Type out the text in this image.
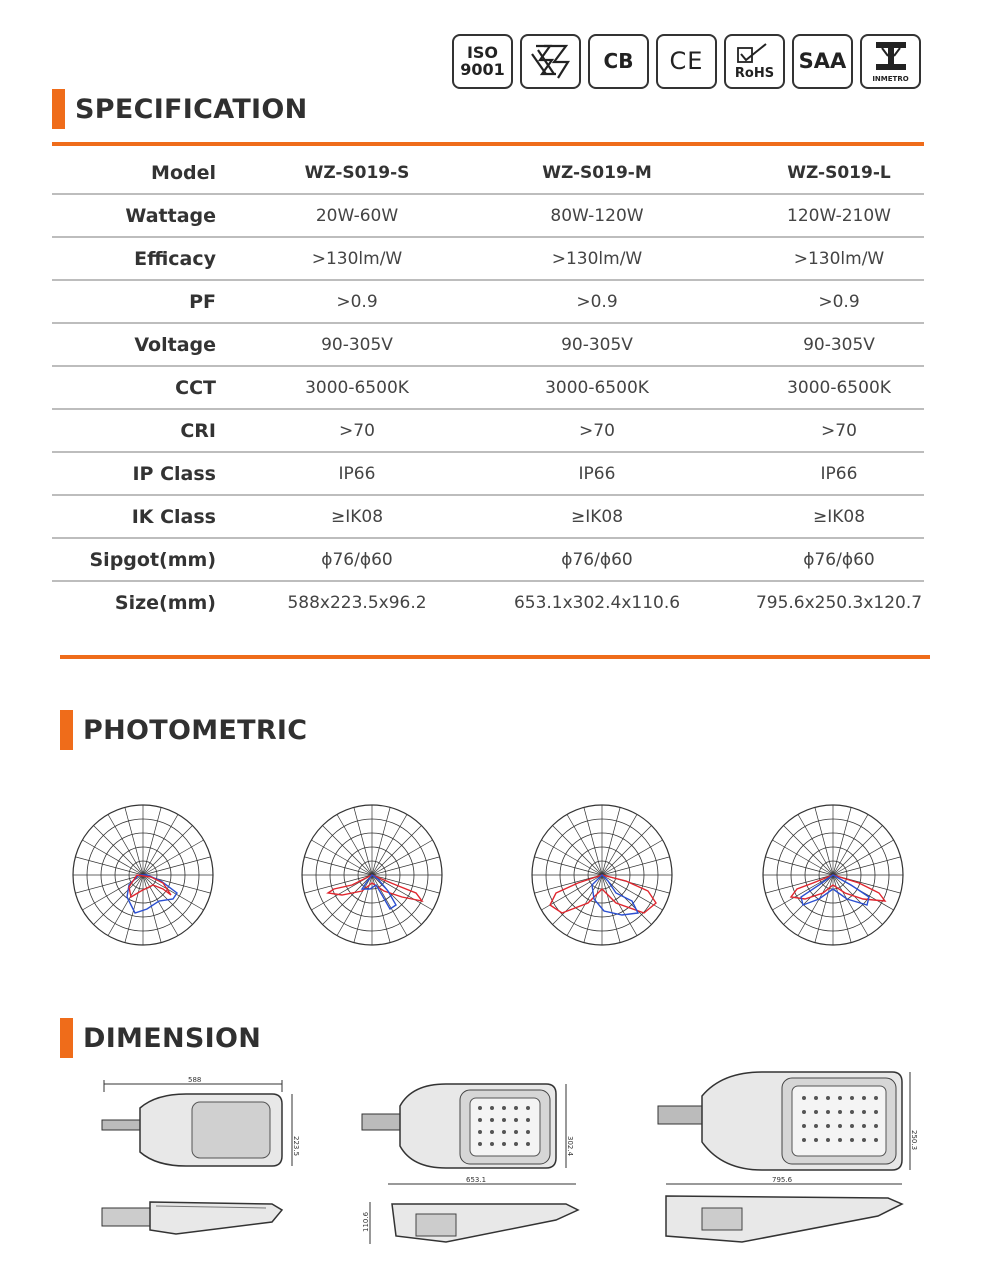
ISO
9001	CB CE RoHS SAA
INMETRO
SPECIFICATION
Model	WZ-S019-S	WZ-S019-M	WZ-S019-L
Wattage	20W-60W	80W-120W	120W-210W
Efficacy	>130lm/W	>130lm/W	>130lm/W
PF	>0.9	>0.9	>0.9
Voltage	90-305V	90-305V	90-305V
CCT	3000-6500K	3000-6500K	3000-6500K
CRI	>70	>70	>70
IP Class	IP66	IP66	IP66
IK Class	≥IK08	≥IK08	≥IK08
Sipgot(mm)	ϕ76/ϕ60	ϕ76/ϕ60	ϕ76/ϕ60
Size(mm)	588x223.5x96.2	653.1x302.4x110.6	795.6x250.3x120.7
PHOTOMETRIC
DIMENSION
588
223.5	302.4
653.1
110.6
250.3
795.6
